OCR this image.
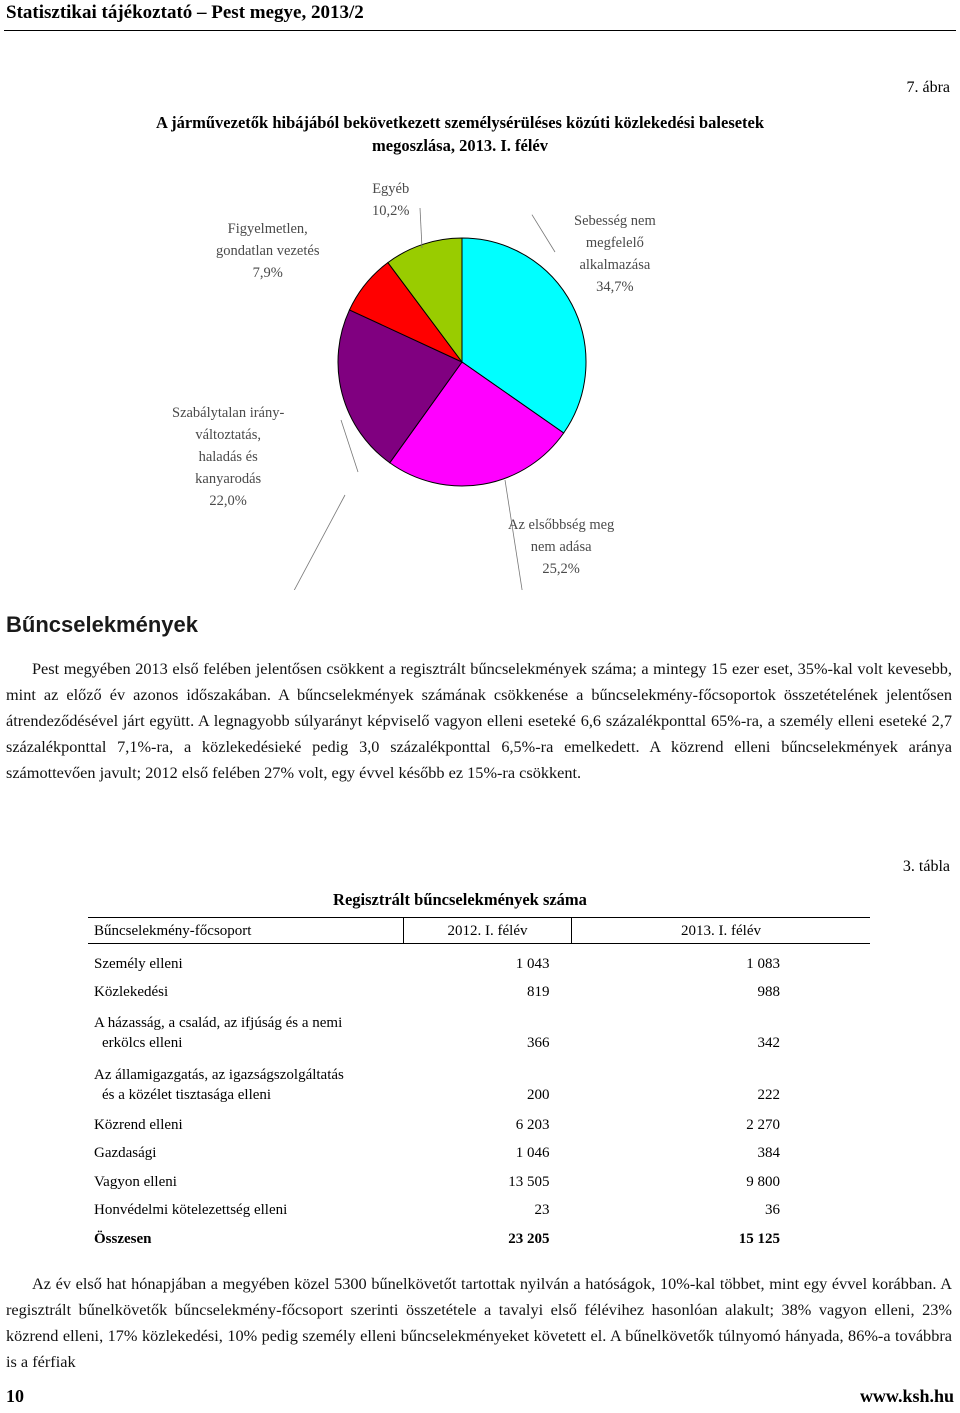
Statisztikai tájékoztató – Pest megye, 2013/2
7. ábra
A járművezetők hibájából bekövetkezett személysérüléses közúti közlekedési balesetek
megoszlása, 2013. I. félév
Sebesség nem
megfelelő
alkalmazása
34,7%
Az elsőbbség meg
nem adása
25,2%
Szabálytalan irány-
változtatás,
haladás és
kanyarodás
22,0%
Figyelmetlen,
gondatlan vezetés
7,9%
Egyéb
10,2%
Bűncselekmények
Pest megyében 2013 első felében jelentősen csökkent a regisztrált bűncselekmények száma; a mintegy 15 ezer eset, 35%-kal volt kevesebb, mint az előző év azonos időszakában. A bűncselekmények számának csökkenése a bűncselekmény-főcsoportok összetételének jelentősen átrendeződésével járt együtt. A legnagyobb súlyarányt képviselő vagyon elleni eseteké 6,6 százalékponttal 65%-ra, a személy elleni eseteké 2,7 százalékponttal 7,1%-ra, a közlekedésieké pedig 3,0 százalékponttal 6,5%-ra emelkedett. A közrend elleni bűncselekmények aránya számottevően javult; 2012 első felében 27% volt, egy évvel később ez 15%-ra csökkent.
3. tábla
Regisztrált bűncselekmények száma
Bűncselekmény-főcsoport	2012. I. félév	2013. I. félév
Személy elleni	1 043	1 083
Közlekedési	819	988
A házasság, a család, az ifjúság és a nemi
erkölcs elleni	366	342
Az államigazgatás, az igazságszolgáltatás
és a közélet tisztasága elleni	200	222
Közrend elleni	6 203	2 270
Gazdasági	1 046	384
Vagyon elleni	13 505	9 800
Honvédelmi kötelezettség elleni	23	36
Összesen	23 205	15 125
Az év első hat hónapjában a megyében közel 5300 bűnelkövetőt tartottak nyilván a hatóságok, 10%-kal többet, mint egy évvel korábban. A regisztrált bűnelkövetők bűncselekmény-főcsoport szerinti összetétele a tavalyi első félévihez hasonlóan alakult; 38% vagyon elleni, 23% közrend elleni, 17% közlekedési, 10% pedig személy elleni bűncselekményeket követett el. A bűnelkövetők túlnyomó hányada, 86%-a továbbra is a férfiak
10	www.ksh.hu
